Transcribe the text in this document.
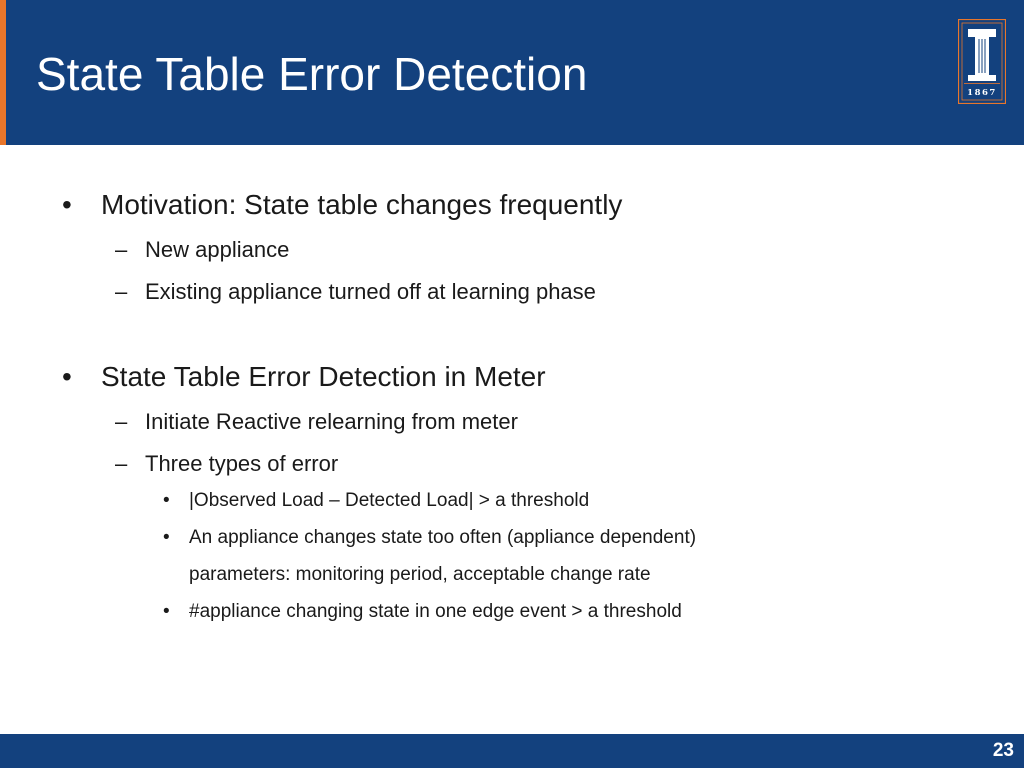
State Table Error Detection	1867
• Motivation: State table changes frequently
– New appliance
– Existing appliance turned off at learning phase
• State Table Error Detection in Meter
– Initiate Reactive relearning from meter
– Three types of error
• |Observed Load – Detected Load| > a threshold
• An appliance changes state too often (appliance dependent)
parameters: monitoring period, acceptable change rate
• #appliance changing state in one edge event > a threshold
23
